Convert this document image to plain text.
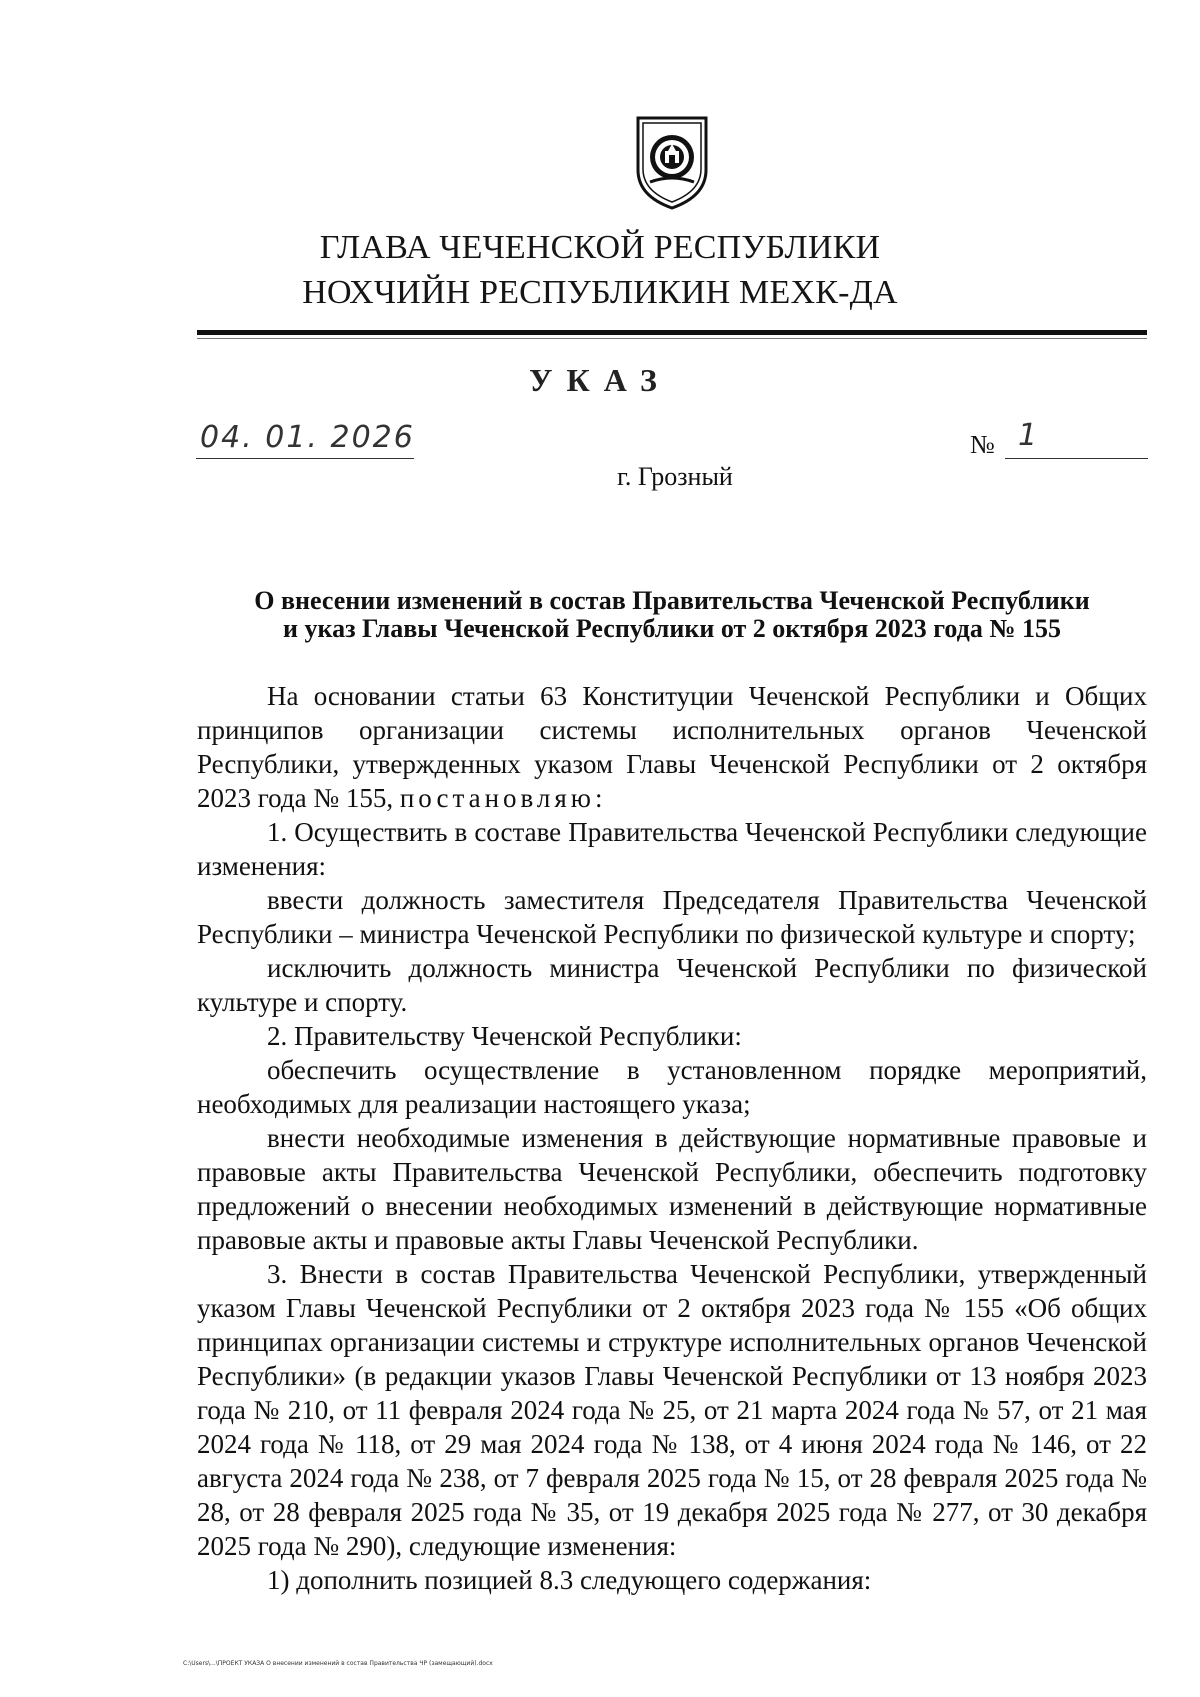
ГЛАВА ЧЕЧЕНСКОЙ РЕСПУБЛИКИ
НОХЧИЙН РЕСПУБЛИКИН МЕХК-ДА
УКАЗ
04. 01. 2026	№ 1
г. Грозный
О внесении изменений в состав Правительства Чеченской Республики
и указ Главы Чеченской Республики от 2 октября 2023 года № 155

На основании статьи 63 Конституции Чеченской Республики и Общих принципов организации системы исполнительных органов Чеченской Республики, утвержденных указом Главы Чеченской Республики от 2 октября 2023 года № 155, постановляю:

1. Осуществить в составе Правительства Чеченской Республики следующие изменения:

ввести должность заместителя Председателя Правительства Чеченской Республики – министра Чеченской Республики по физической культуре и спорту;

исключить должность министра Чеченской Республики по физической культуре и спорту.

2. Правительству Чеченской Республики:

обеспечить осуществление в установленном порядке мероприятий, необходимых для реализации настоящего указа;

внести необходимые изменения в действующие нормативные правовые и правовые акты Правительства Чеченской Республики, обеспечить подготовку предложений о внесении необходимых изменений в действующие нормативные правовые акты и правовые акты Главы Чеченской Республики.

3. Внести в состав Правительства Чеченской Республики, утвержденный указом Главы Чеченской Республики от 2 октября 2023 года № 155 «Об общих принципах организации системы и структуре исполнительных органов Чеченской Республики» (в редакции указов Главы Чеченской Республики от 13 ноября 2023 года № 210, от 11 февраля 2024 года № 25, от 21 марта 2024 года № 57, от 21 мая 2024 года № 118, от 29 мая 2024 года № 138, от 4 июня 2024 года № 146, от 22 августа 2024 года № 238, от 7 февраля 2025 года № 15, от 28 февраля 2025 года № 28, от 28 февраля 2025 года № 35, от 19 декабря 2025 года № 277, от 30 декабря 2025 года № 290), следующие изменения:

1) дополнить позицией 8.3 следующего содержания:

C:\Users\...\ПРОЕКТ УКАЗА О внесении изменений в состав Правительства ЧР (замещающий).docx
